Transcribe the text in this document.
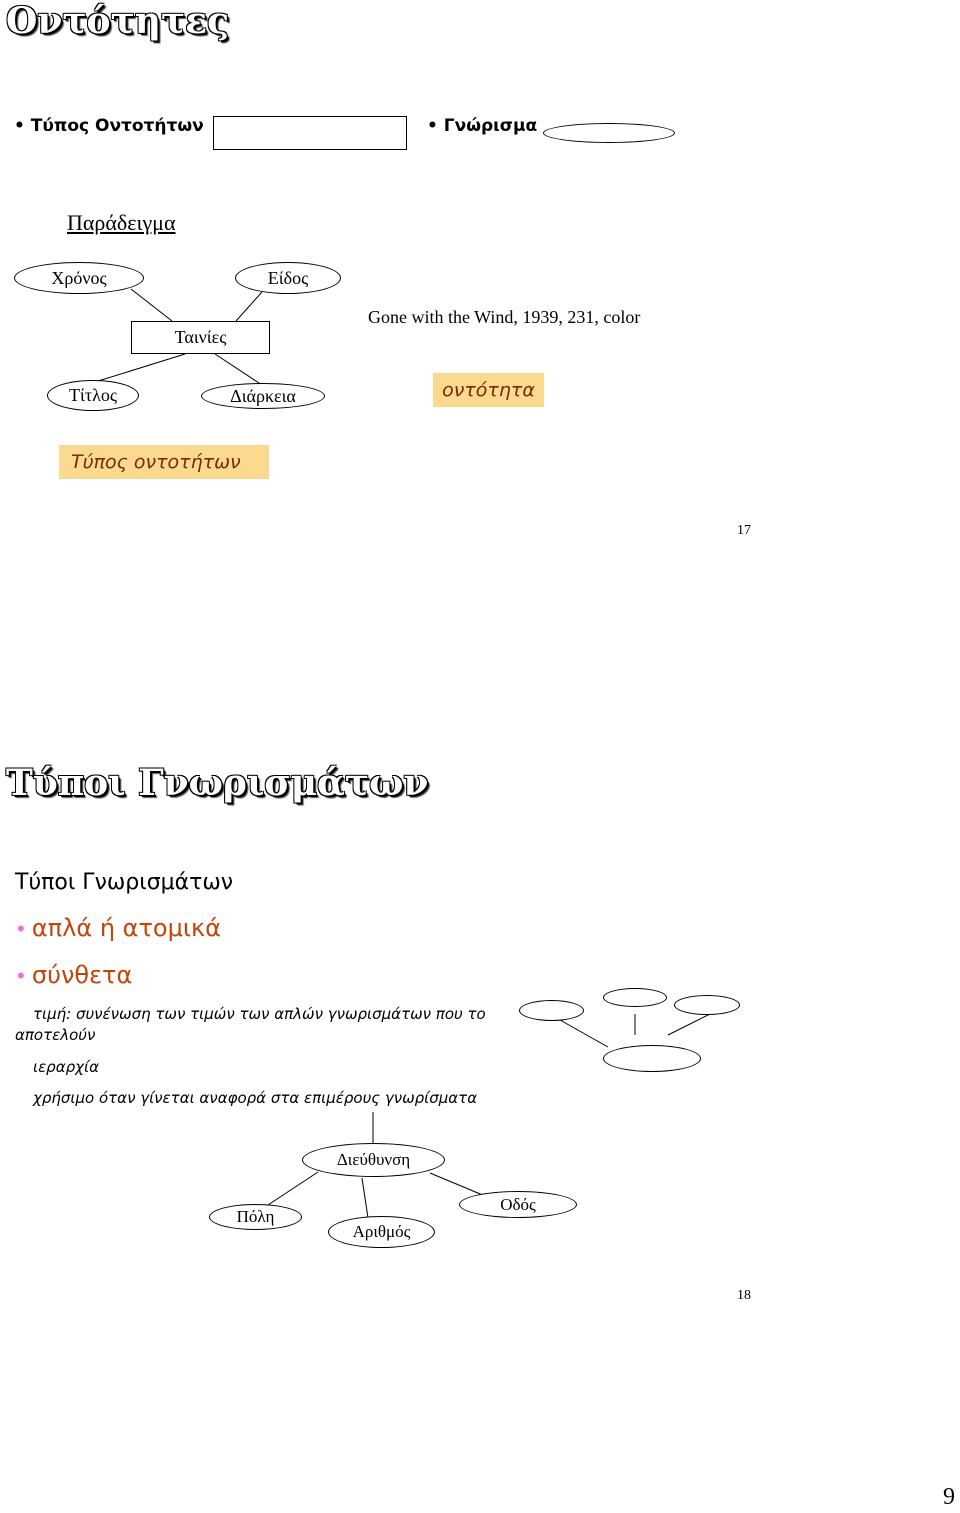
Οντότητες
• Τύπος Οντοτήτων	• Γνώρισμα
Παράδειγμα
Χρόνος	Είδος
Ταινίες
Τίτλος	Διάρκεια
Gone with the Wind, 1939, 231, color
οντότητα
Τύπος οντοτήτων
17
Τύποι Γνωρισμάτων
Τύποι Γνωρισμάτων
• απλά ή ατομικά
• σύνθετα
τιμή: συνένωση των τιμών των απλών γνωρισμάτων που το
αποτελούν
ιεραρχία
χρήσιμο όταν γίνεται αναφορά στα επιμέρους γνωρίσματα
Διεύθυνση
Πόλη
Αριθμός
Οδός
18
9
